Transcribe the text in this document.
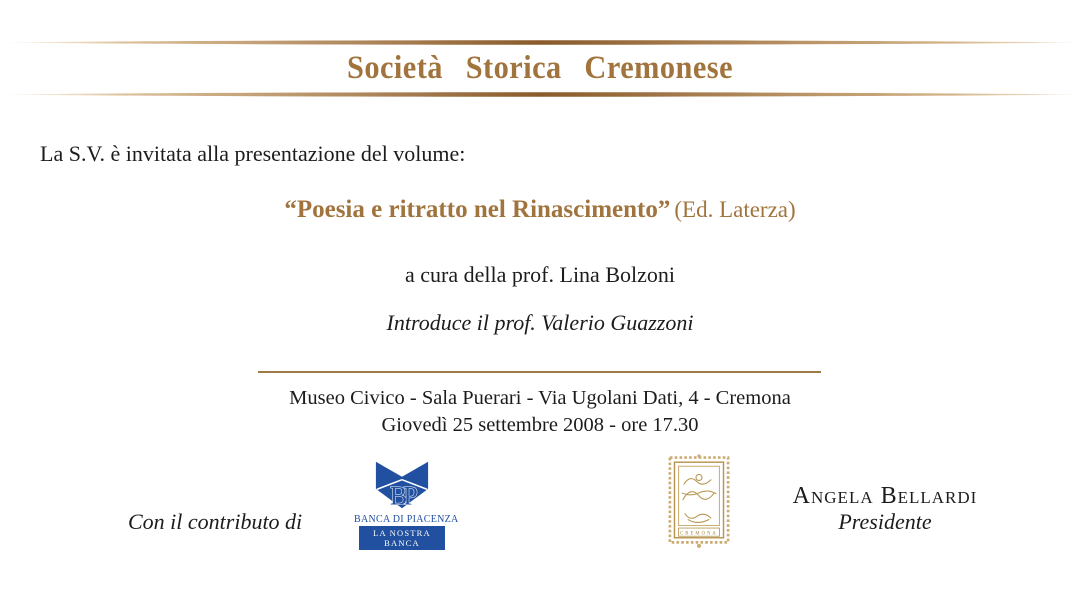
Società Storica Cremonese
La S.V. è invitata alla presentazione del volume:
“Poesia e ritratto nel Rinascimento” (Ed. Laterza)
a cura della prof. Lina Bolzoni
Introduce il prof. Valerio Guazzoni
Museo Civico - Sala Puerari - Via Ugolani Dati, 4 - Cremona
Giovedì 25 settembre 2008 - ore 17.30
Con il contributo di
BP
BANCA DI PIACENZA
LA NOSTRA BANCA
CREMONA
Angela Bellardi
Presidente
